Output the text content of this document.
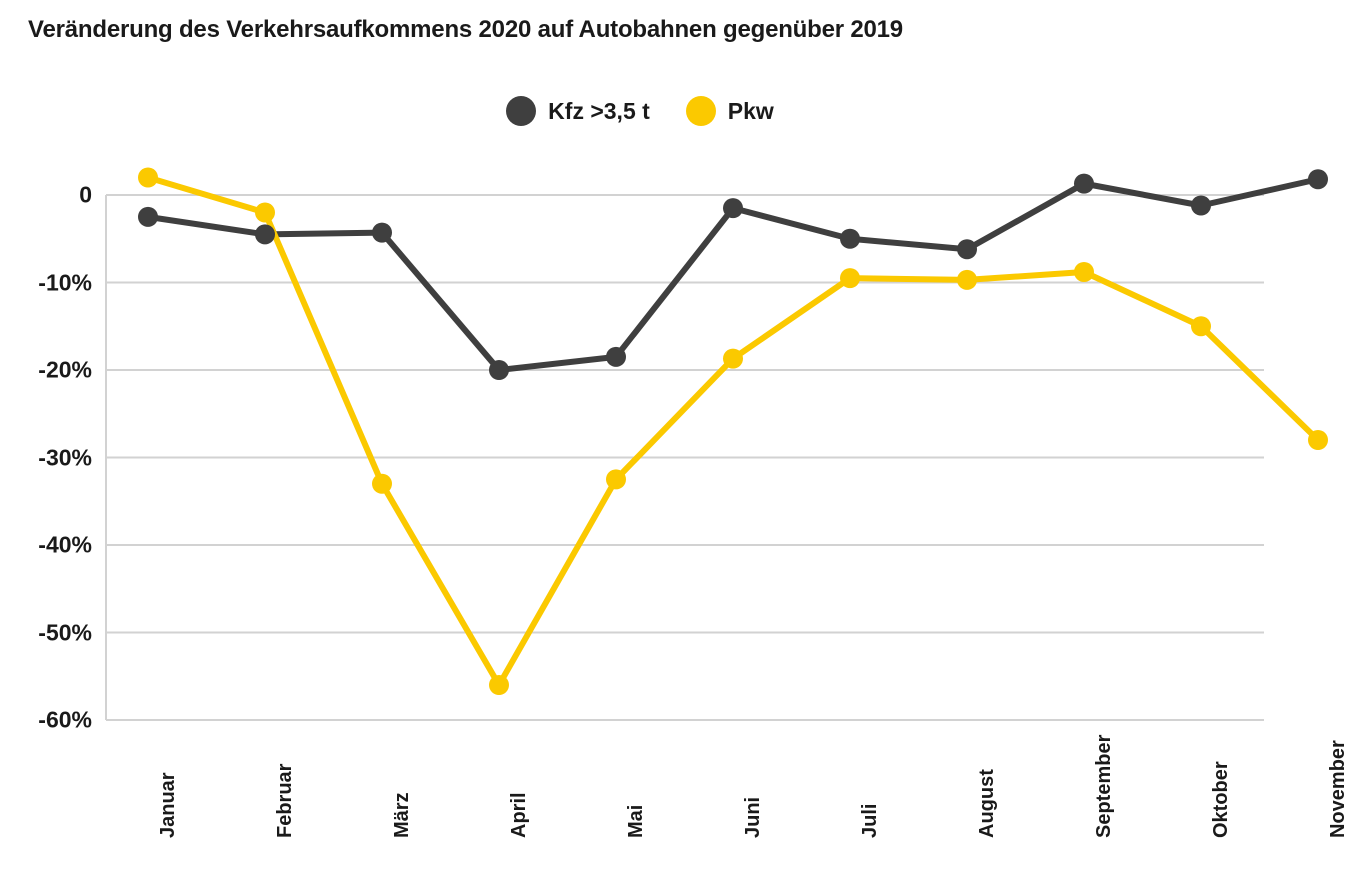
Veränderung des Verkehrsaufkommens 2020 auf Autobahnen gegenüber 2019
Kfz >3,5 t	Pkw
0
-10%
-20%
-30%
-40%
-50%
-60%
Januar	Februar	März	April	Mai	Juni	Juli	August	September	Oktober	November
